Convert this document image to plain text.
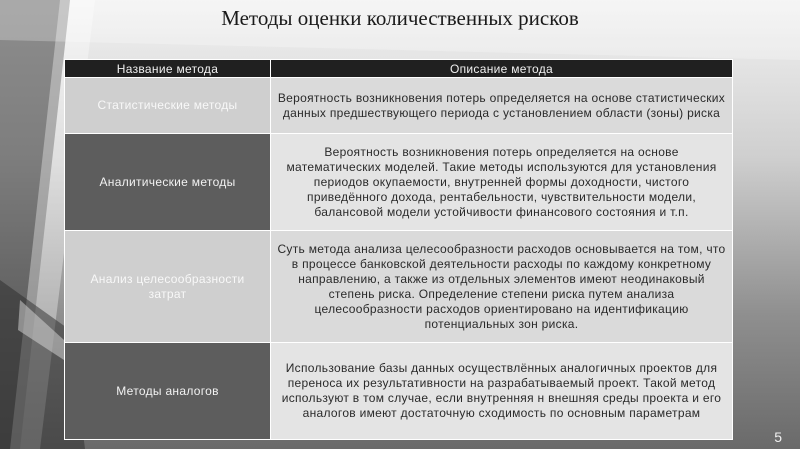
Методы оценки количественных рисков
Название метода	Описание метода
Статистические методы	Вероятность возникновения потерь определяется на основе статистических данных предшествующего периода с установлением области (зоны) риска
Аналитические методы	Вероятность возникновения потерь определяется на основе математических моделей. Такие методы используются для установления периодов окупаемости, внутренней формы доходности, чистого приведённого дохода, рентабельности, чувствительности модели, балансовой модели устойчивости финансового состояния и т.п.
Анализ целесообразности затрат	Суть метода анализа целесообразности расходов основывается на том, что в процессе банковской деятельности расходы по каждому конкретному направлению, а также из отдельных элементов имеют неодинаковый степень риска. Определение степени риска путем анализа целесообразности расходов ориентировано на идентификацию потенциальных зон риска.
Методы аналогов	Использование базы данных осуществлённых аналогичных проектов для переноса их результативности на разрабатываемый проект. Такой метод используют в том случае, если внутренняя н внешняя среды проекта и его аналогов имеют достаточную сходимость по основным параметрам
5
